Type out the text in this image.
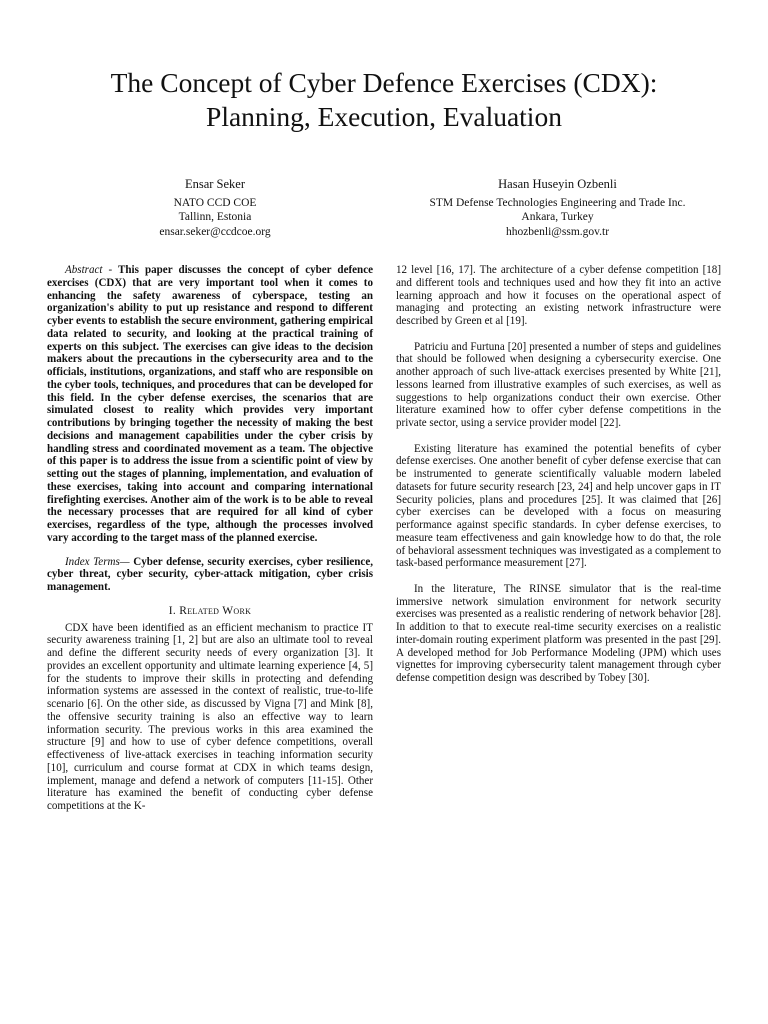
The Concept of Cyber Defence Exercises (CDX):
Planning, Execution, Evaluation
Ensar Seker
NATO CCD COE
Tallinn, Estonia
ensar.seker@ccdcoe.org
Hasan Huseyin Ozbenli
STM Defense Technologies Engineering and Trade Inc.
Ankara, Turkey
hhozbenli@ssm.gov.tr

Abstract - This paper discusses the concept of cyber defence exercises (CDX) that are very important tool when it comes to enhancing the safety awareness of cyberspace, testing an organization's ability to put up resistance and respond to different cyber events to establish the secure environment, gathering empirical data related to security, and looking at the practical training of experts on this subject. The exercises can give ideas to the decision makers about the precautions in the cybersecurity area and to the officials, institutions, organizations, and staff who are responsible on the cyber tools, techniques, and procedures that can be developed for this field. In the cyber defense exercises, the scenarios that are simulated closest to reality which provides very important contributions by bringing together the necessity of making the best decisions and management capabilities under the cyber crisis by handling stress and coordinated movement as a team. The objective of this paper is to address the issue from a scientific point of view by setting out the stages of planning, implementation, and evaluation of these exercises, taking into account and comparing international firefighting exercises. Another aim of the work is to be able to reveal the necessary processes that are required for all kind of cyber exercises, regardless of the type, although the processes involved vary according to the target mass of the planned exercise.

Index Terms— Cyber defense, security exercises, cyber resilience, cyber threat, cyber security, cyber-attack mitigation, cyber crisis management.

I. Related Work

CDX have been identified as an efficient mechanism to practice IT security awareness training [1, 2] but are also an ultimate tool to reveal and define the different security needs of every organization [3]. It provides an excellent opportunity and ultimate learning experience [4, 5] for the students to improve their skills in protecting and defending information systems are assessed in the context of realistic, true-to-life scenario [6]. On the other side, as discussed by Vigna [7] and Mink [8], the offensive security training is also an effective way to learn information security. The previous works in this area examined the structure [9] and how to use of cyber defence competitions, overall effectiveness of live-attack exercises in teaching information security [10], curriculum and course format at CDX in which teams design, implement, manage and defend a network of computers [11-15]. Other literature has examined the benefit of conducting cyber defense competitions at the K-

12 level [16, 17]. The architecture of a cyber defense competition [18] and different tools and techniques used and how they fit into an active learning approach and how it focuses on the operational aspect of managing and protecting an existing network infrastructure were described by Green et al [19].

Patriciu and Furtuna [20] presented a number of steps and guidelines that should be followed when designing a cybersecurity exercise. One another approach of such live-attack exercises presented by White [21], lessons learned from illustrative examples of such exercises, as well as suggestions to help organizations conduct their own exercise. Other literature examined how to offer cyber defense competitions in the private sector, using a service provider model [22].

Existing literature has examined the potential benefits of cyber defense exercises. One another benefit of cyber defense exercise that can be instrumented to generate scientifically valuable modern labeled datasets for future security research [23, 24] and help uncover gaps in IT Security policies, plans and procedures [25]. It was claimed that [26] cyber exercises can be developed with a focus on measuring performance against specific standards. In cyber defense exercises, to measure team effectiveness and gain knowledge how to do that, the role of behavioral assessment techniques was investigated as a complement to task-based performance measurement [27].

In the literature, The RINSE simulator that is the real-time immersive network simulation environment for network security exercises was presented as a realistic rendering of network behavior [28]. In addition to that to execute real-time security exercises on a realistic inter-domain routing experiment platform was presented in the past [29]. A developed method for Job Performance Modeling (JPM) which uses vignettes for improving cybersecurity talent management through cyber defense competition design was described by Tobey [30].
